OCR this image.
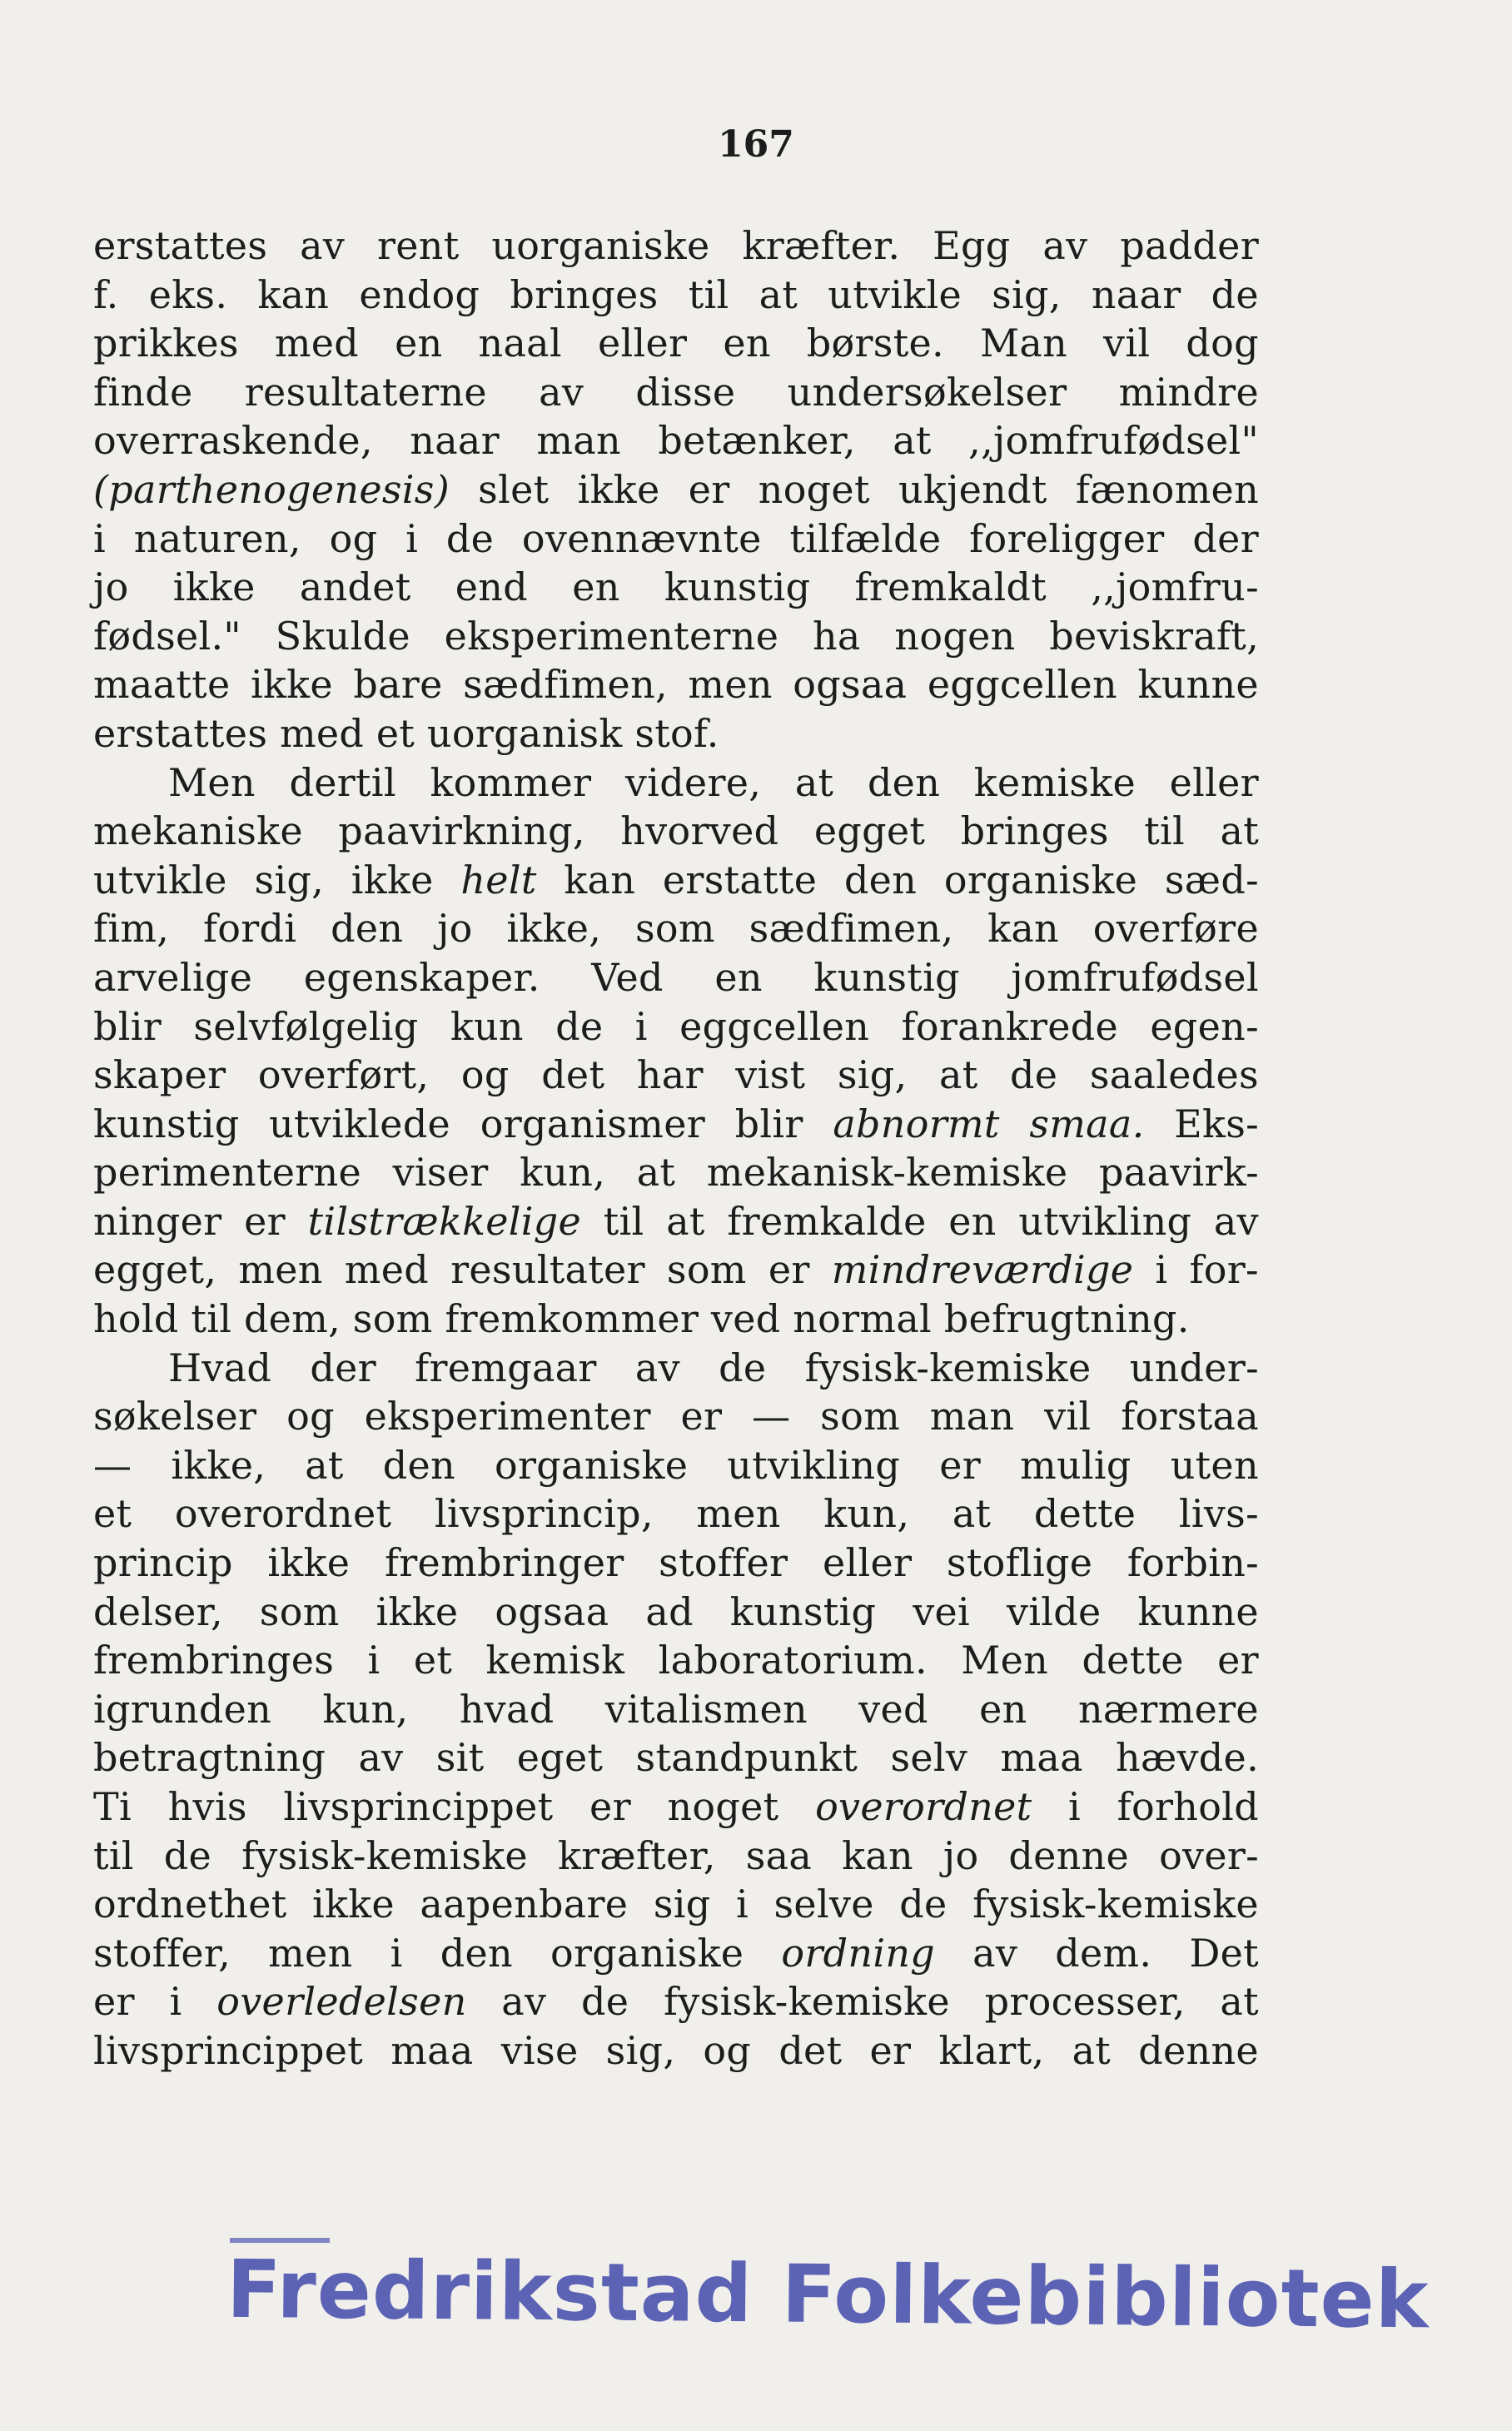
167
erstattes av rent uorganiske kræfter. Egg av padder
f. eks. kan endog bringes til at utvikle sig, naar de
prikkes med en naal eller en børste. Man vil dog
finde resultaterne av disse undersøkelser mindre
overraskende, naar man betænker, at ,,jomfrufødsel"
(parthenogenesis) slet ikke er noget ukjendt fænomen
i naturen, og i de ovennævnte tilfælde foreligger der
jo ikke andet end en kunstig fremkaldt ,,jomfru-
fødsel." Skulde eksperimenterne ha nogen beviskraft,
maatte ikke bare sædfimen, men ogsaa eggcellen kunne
erstattes med et uorganisk stof.
Men dertil kommer videre, at den kemiske eller
mekaniske paavirkning, hvorved egget bringes til at
utvikle sig, ikke helt kan erstatte den organiske sæd-
fim, fordi den jo ikke, som sædfimen, kan overføre
arvelige egenskaper. Ved en kunstig jomfrufødsel
blir selvfølgelig kun de i eggcellen forankrede egen-
skaper overført, og det har vist sig, at de saaledes
kunstig utviklede organismer blir abnormt smaa. Eks-
perimenterne viser kun, at mekanisk-kemiske paavirk-
ninger er tilstrækkelige til at fremkalde en utvikling av
egget, men med resultater som er mindreværdige i for-
hold til dem, som fremkommer ved normal befrugtning.
Hvad der fremgaar av de fysisk-kemiske under-
søkelser og eksperimenter er — som man vil forstaa
— ikke, at den organiske utvikling er mulig uten
et overordnet livsprincip, men kun, at dette livs-
princip ikke frembringer stoffer eller stoflige forbin-
delser, som ikke ogsaa ad kunstig vei vilde kunne
frembringes i et kemisk laboratorium. Men dette er
igrunden kun, hvad vitalismen ved en nærmere
betragtning av sit eget standpunkt selv maa hævde.
Ti hvis livsprincippet er noget overordnet i forhold
til de fysisk-kemiske kræfter, saa kan jo denne over-
ordnethet ikke aapenbare sig i selve de fysisk-kemiske
stoffer, men i den organiske ordning av dem. Det
er i overledelsen av de fysisk-kemiske processer, at
livsprincippet maa vise sig, og det er klart, at denne
Fredrikstad Folkebibliotek
